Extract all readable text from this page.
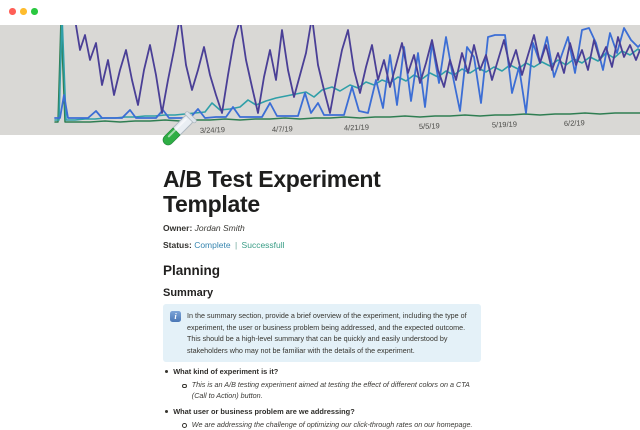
3/24/19	4/7/19	4/21/19	5/5/19	5/19/19	6/2/19
A/B Test Experiment Template
Owner: Jordan Smith
Status: Complete | Successfull
Planning
Summary
i In the summary section, provide a brief overview of the experiment, including the type of experiment, the user or business problem being addressed, and the expected outcome. This should be a high-level summary that can be quickly and easily understood by stakeholders who may not be familiar with the details of the experiment.
What kind of experiment is it?
This is an A/B testing experiment aimed at testing the effect of different colors on a CTA (Call to Action) button.
What user or business problem are we addressing?
We are addressing the challenge of optimizing our click-through rates on our homepage.
